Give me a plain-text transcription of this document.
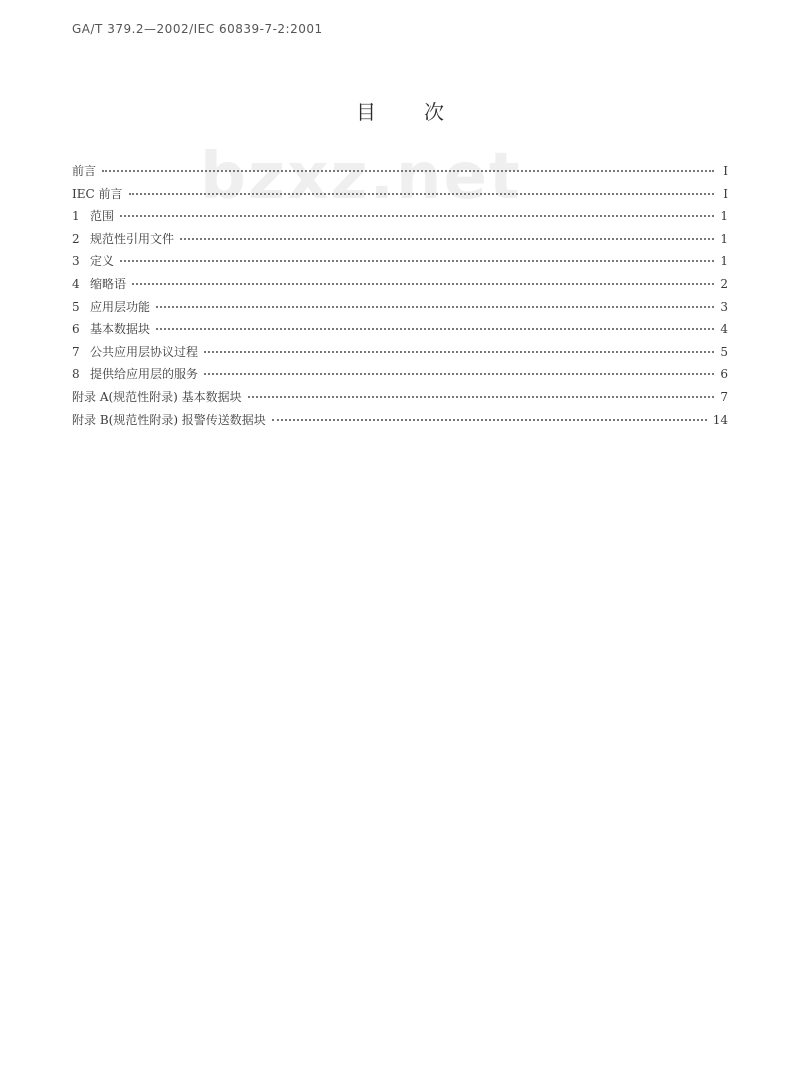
GA/T 379.2—2002/IEC 60839-7-2:2001
目 次
bzxz.net
前言	I
IEC 前言	I
1 范围	1
2 规范性引用文件	1
3 定义	1
4 缩略语	2
5 应用层功能	3
6 基本数据块	4
7 公共应用层协议过程	5
8 提供给应用层的服务	6
附录 A(规范性附录) 基本数据块	7
附录 B(规范性附录) 报警传送数据块	14
